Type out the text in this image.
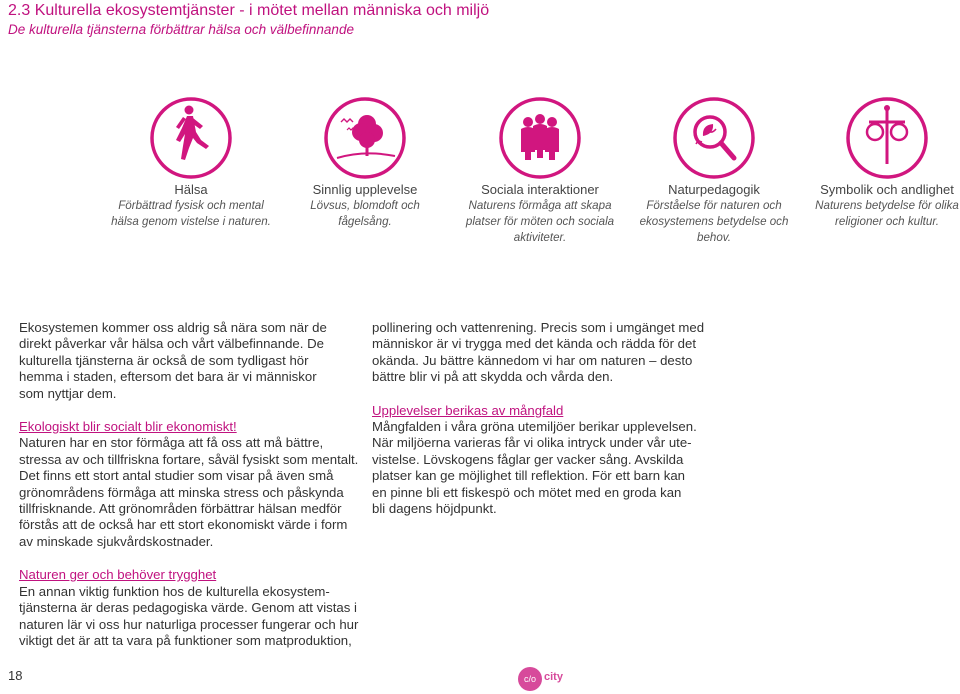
2.3 Kulturella ekosystemtjänster - i mötet mellan människa och miljö
De kulturella tjänsterna förbättrar hälsa och välbefinnande
Hälsa
Förbättrad fysisk och mental
hälsa genom vistelse i naturen.
Sinnlig upplevelse
Lövsus, blomdoft och
fågelsång.
Sociala interaktioner
Naturens förmåga att skapa
platser för möten och sociala
aktiviteter.
Naturpedagogik
Förståelse för naturen och
ekosystemens betydelse och
behov.
Symbolik och andlighet
Naturens betydelse för olika
religioner och kultur.

Ekosystemen kommer oss aldrig så nära som när de

direkt påverkar vår hälsa och vårt välbefinnande. De

kulturella tjänsterna är också de som tydligast hör

hemma i staden, eftersom det bara är vi människor

som nyttjar dem.

Ekologiskt blir socialt blir ekonomiskt!

Naturen har en stor förmåga att få oss att må bättre,

stressa av och tillfriskna fortare, såväl fysiskt som mentalt.

Det finns ett stort antal studier som visar på även små

grönområdens förmåga att minska stress och påskynda

tillfrisknande. Att grönområden förbättrar hälsan medför

förstås att de också har ett stort ekonomiskt värde i form

av minskade sjukvårdskostnader.

Naturen ger och behöver trygghet

En annan viktig funktion hos de kulturella ekosystem-

tjänsterna är deras pedagogiska värde. Genom att vistas i

naturen lär vi oss hur naturliga processer fungerar och hur

viktigt det är att ta vara på funktioner som matproduktion,

pollinering och vattenrening. Precis som i umgänget med

människor är vi trygga med det kända och rädda för det

okända. Ju bättre kännedom vi har om naturen – desto

bättre blir vi på att skydda och vårda den.

Upplevelser berikas av mångfald

Mångfalden i våra gröna utemiljöer berikar upplevelsen.

När miljöerna varieras får vi olika intryck under vår ute-

vistelse. Lövskogens fåglar ger vacker sång. Avskilda

platser kan ge möjlighet till reflektion. För ett barn kan

en pinne bli ett fiskespö och mötet med en groda kan

bli dagens höjdpunkt.

18	c/o city
